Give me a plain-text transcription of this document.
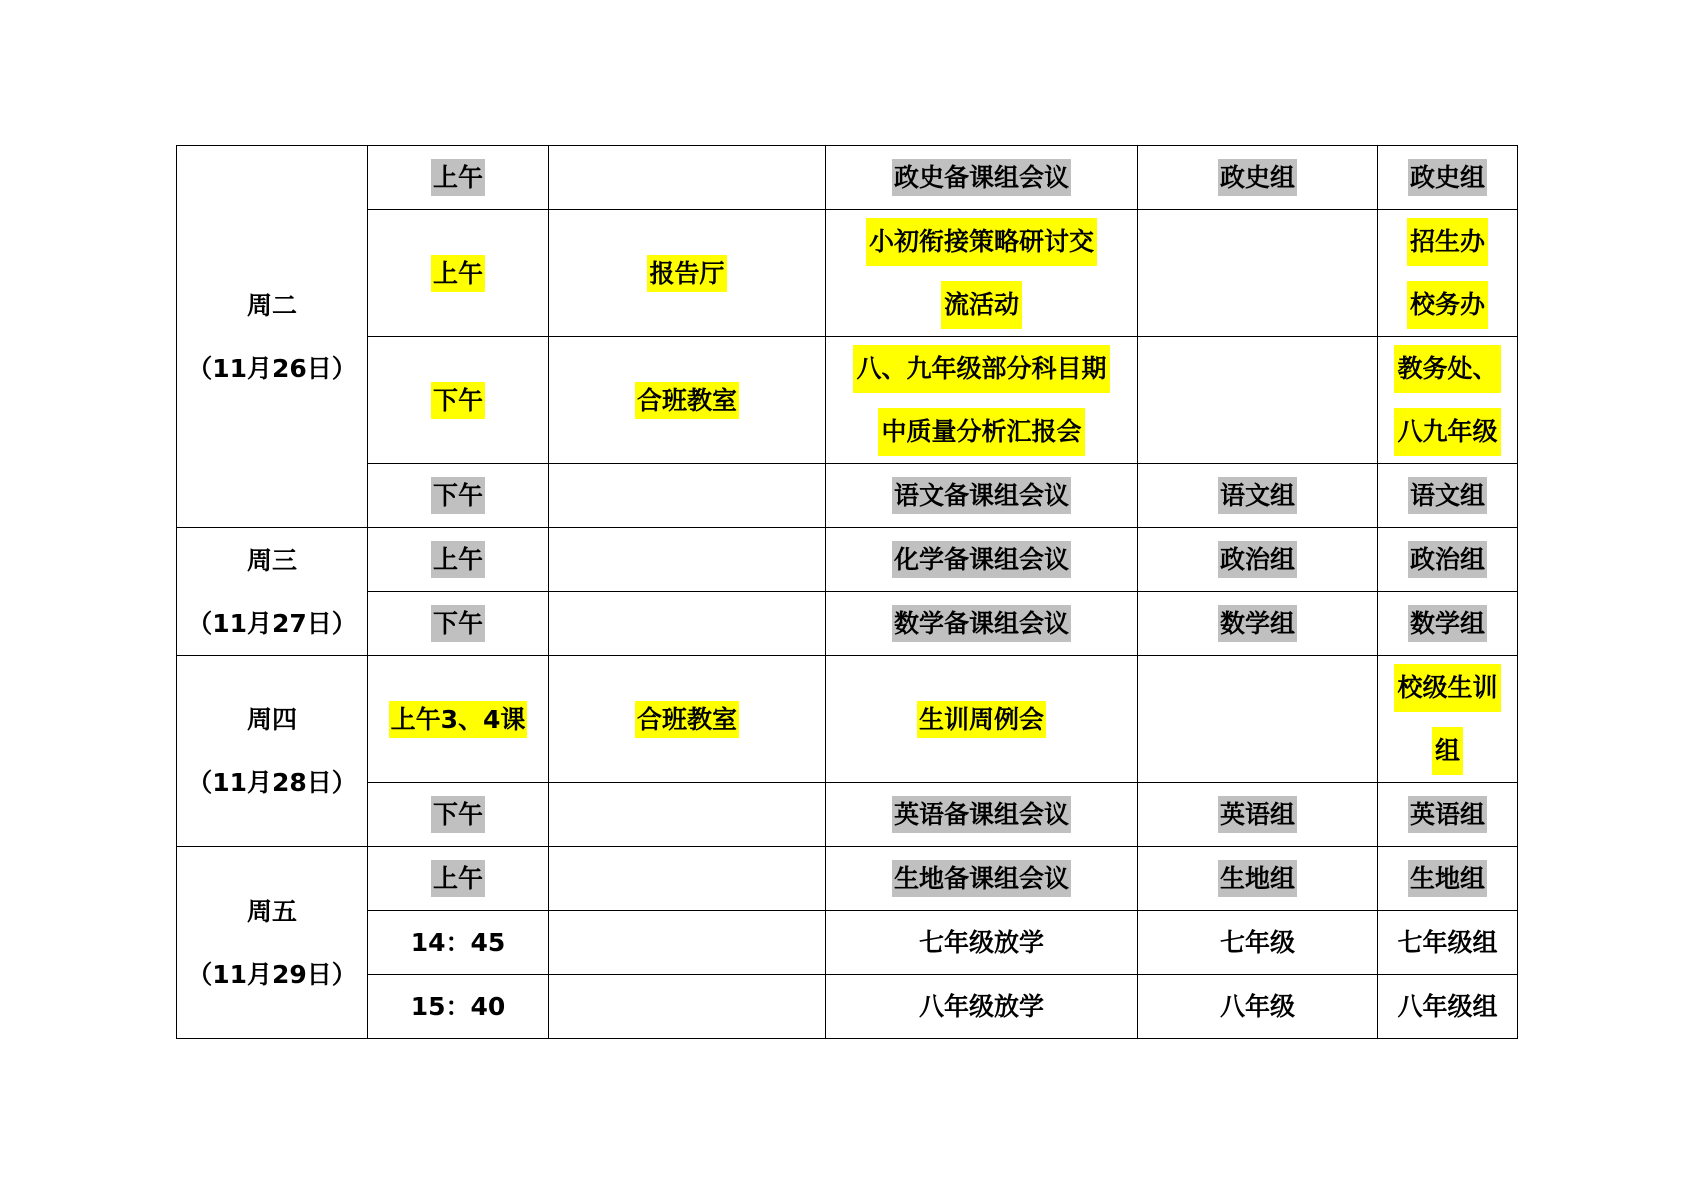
周二
（11月26日）	上午		政史备课组会议	政史组	政史组
	上午	报告厅	小初衔接策略研讨交
流活动		招生办
校务办
	下午	合班教室	八、九年级部分科目期
中质量分析汇报会		教务处、
八九年级
	下午		语文备课组会议	语文组	语文组

周三
（11月27日）	上午		化学备课组会议	政治组	政治组
	下午		数学备课组会议	数学组	数学组

周四
（11月28日）	上午3、4课	合班教室	生训周例会		校级生训
组
	下午		英语备课组会议	英语组	英语组

周五
（11月29日）	上午		生地备课组会议	生地组	生地组
	14：45		七年级放学	七年级	七年级组
	15：40		八年级放学	八年级	八年级组
